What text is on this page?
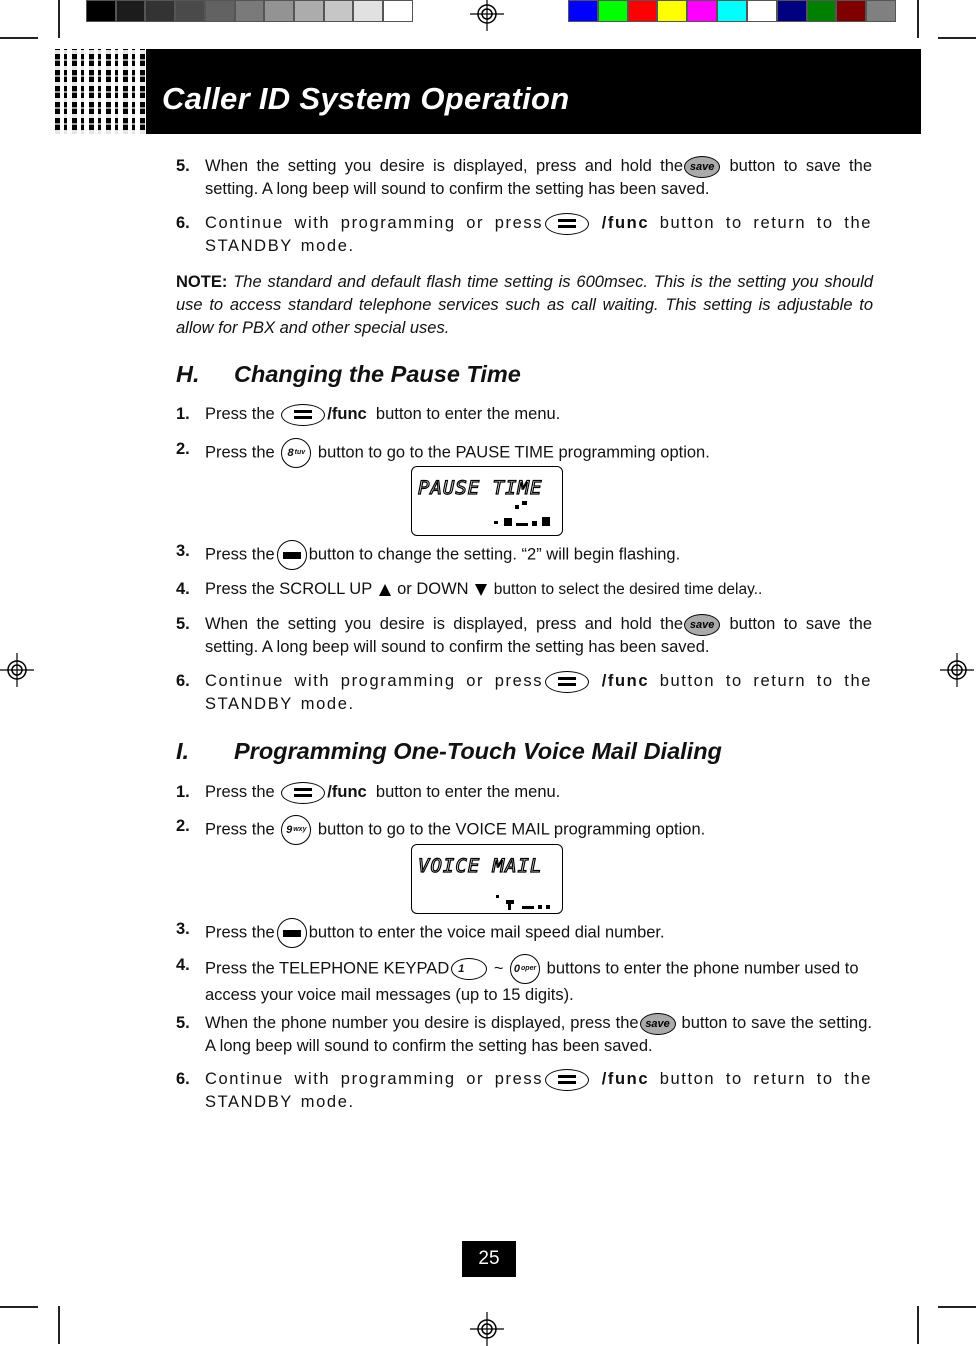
Caller ID System Operation
5. When the setting you desire is displayed, press and hold the save button to save the setting. A long beep will sound to confirm the setting has been saved.
6. Continue with programming or press	/func button to return to the STANDBY mode.
NOTE: The standard and default flash time setting is 600msec. This is the setting you should use to access standard telephone services such as call waiting. This setting is adjustable to allow for PBX and other special uses.
H. Changing the Pause Time
1. Press the	/func button to enter the menu.
2. Press the 8 tuv button to go to the PAUSE TIME programming option.
PAUSE TIME
3. Press the button to change the setting. “2” will begin flashing.
4. Press the SCROLL UP or DOWN button to select the desired time delay..
5. When the setting you desire is displayed, press and hold the save button to save the setting. A long beep will sound to confirm the setting has been saved.
6. Continue with programming or press	/func button to return to the STANDBY mode.
I. Programming One-Touch Voice Mail Dialing
1. Press the	/func button to enter the menu.
2. Press the 9 wxy button to go to the VOICE MAIL programming option.
VOICE MAIL
3. Press the button to enter the voice mail speed dial number.
4. Press the TELEPHONE KEYPAD 1 ~ 0 oper buttons to enter the phone number used to access your voice mail messages (up to 15 digits).
5. When the phone number you desire is displayed, press the save button to save the setting. A long beep will sound to confirm the setting has been saved.
6. Continue with programming or press	/func button to return to the STANDBY mode.
25
